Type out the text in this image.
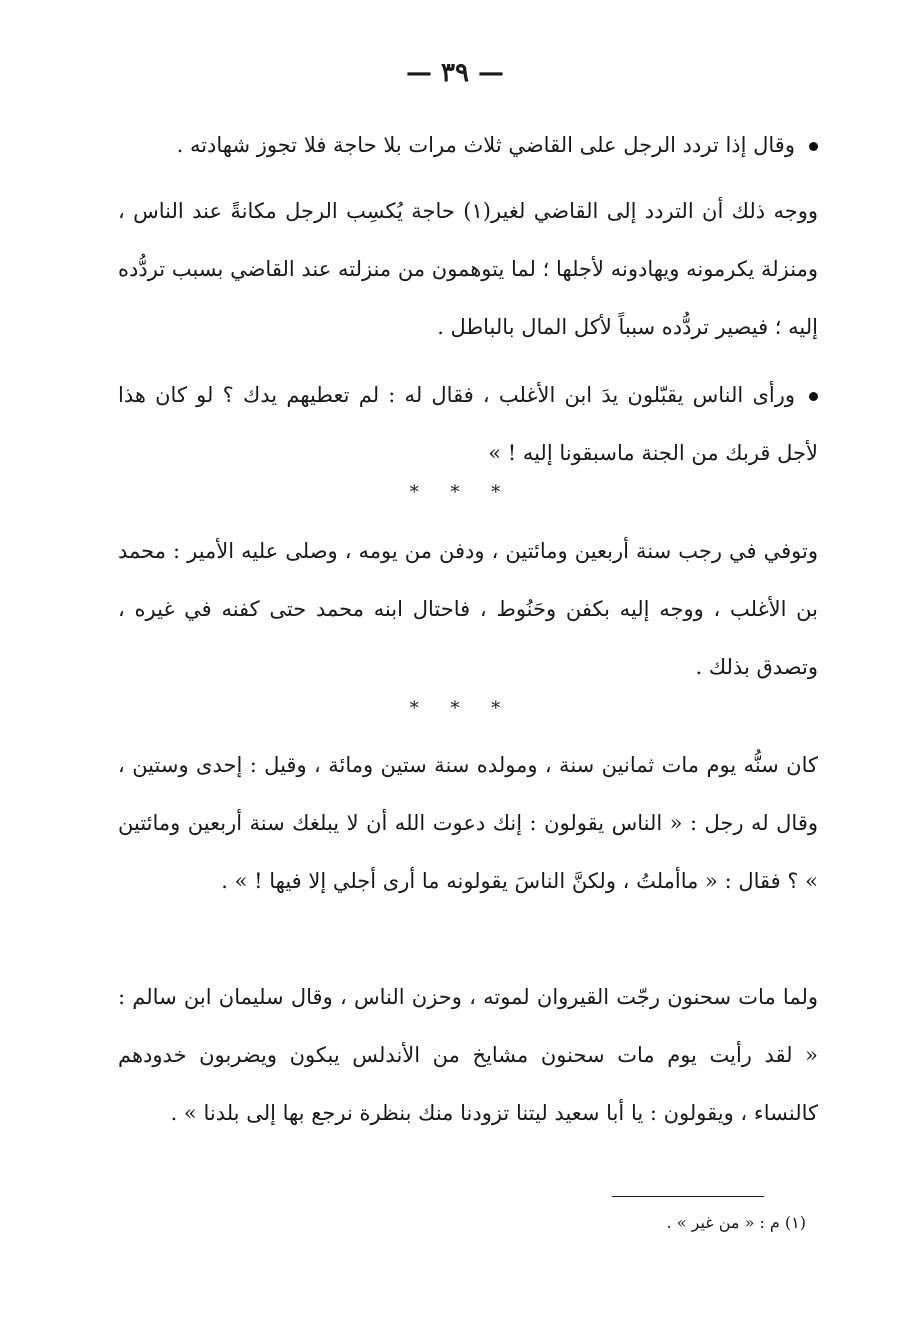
— ٣٩ —
وقال إذا تردد الرجل على القاضي ثلاث مرات بلا حاجة فلا تجوز شهادته .
ووجه ذلك أن التردد إلى القاضي لغير(١) حاجة يُكسِب الرجل مكانةً عند الناس ، ومنزلة يكرمونه ويهادونه لأجلها ؛ لما يتوهمون من منزلته عند القاضي بسبب تردُّده إليه ؛ فيصير تردُّده سبباً لأكل المال بالباطل .
ورأى الناس يقبّلون يدَ ابن الأغلب ، فقال له : لم تعطيهم يدك ؟ لو كان هذا لأجل قربك من الجنة ماسبقونا إليه ! »
* * *
وتوفي في رجب سنة أربعين ومائتين ، ودفن من يومه ، وصلى عليه الأمير : محمد بن الأغلب ، ووجه إليه بكفن وحَنُوط ، فاحتال ابنه محمد حتى كفنه في غيره ، وتصدق بذلك .
* * *
كان سنُّه يوم مات ثمانين سنة ، ومولده سنة ستين ومائة ، وقيل : إحدى وستين ، وقال له رجل : « الناس يقولون : إنك دعوت الله أن لا يبلغك سنة أربعين ومائتين » ؟ فقال : « ماأملتُ ، ولكنَّ الناسَ يقولونه ما أرى أجلي إلا فيها ! » .
ولما مات سحنون رجّت القيروان لموته ، وحزن الناس ، وقال سليمان ابن سالم : « لقد رأيت يوم مات سحنون مشايخ من الأندلس يبكون ويضربون خدودهم كالنساء ، ويقولون : يا أبا سعيد ليتنا تزودنا منك بنظرة نرجع بها إلى بلدنا » .
(١) م : « من غير » .
